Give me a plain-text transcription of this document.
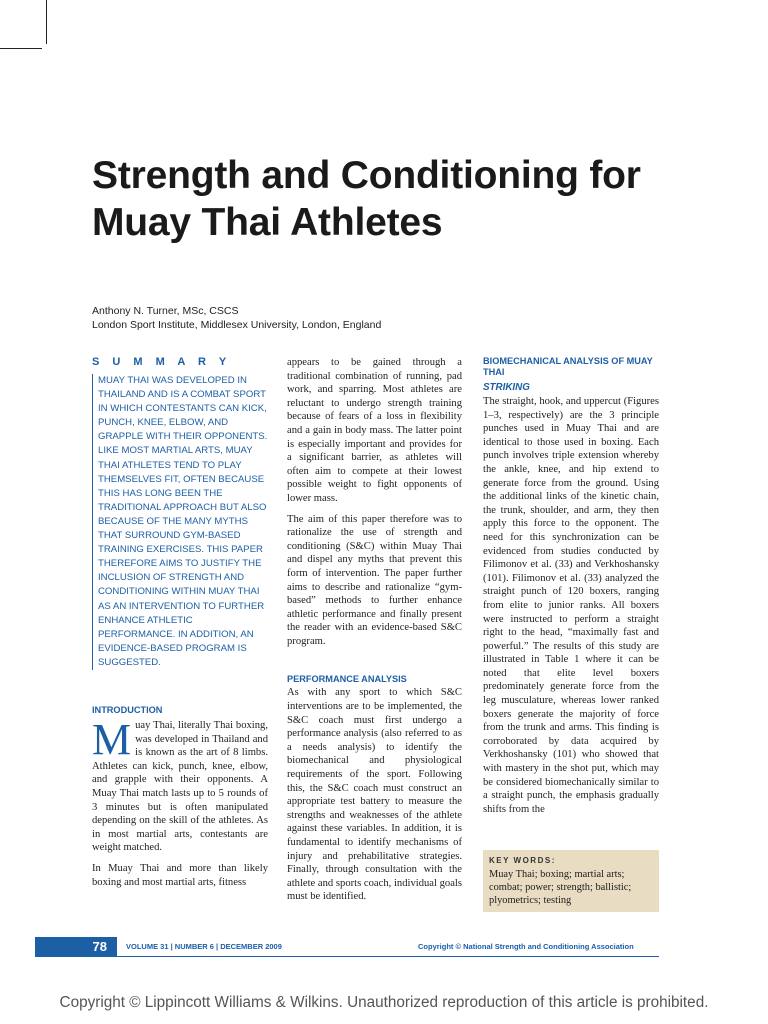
Strength and Conditioning for Muay Thai Athletes
Anthony N. Turner, MSc, CSCS
London Sport Institute, Middlesex University, London, England
S U M M A R Y
MUAY THAI WAS DEVELOPED IN THAILAND AND IS A COMBAT SPORT IN WHICH CONTESTANTS CAN KICK, PUNCH, KNEE, ELBOW, AND GRAPPLE WITH THEIR OPPONENTS. LIKE MOST MARTIAL ARTS, MUAY THAI ATHLETES TEND TO PLAY THEMSELVES FIT, OFTEN BECAUSE THIS HAS LONG BEEN THE TRADITIONAL APPROACH BUT ALSO BECAUSE OF THE MANY MYTHS THAT SURROUND GYM-BASED TRAINING EXERCISES. THIS PAPER THEREFORE AIMS TO JUSTIFY THE INCLUSION OF STRENGTH AND CONDITIONING WITHIN MUAY THAI AS AN INTERVENTION TO FURTHER ENHANCE ATHLETIC PERFORMANCE. IN ADDITION, AN EVIDENCE-BASED PROGRAM IS SUGGESTED.
INTRODUCTION

Muay Thai, literally Thai boxing, was developed in Thailand and is known as the art of 8 limbs. Athletes can kick, punch, knee, elbow, and grapple with their opponents. A Muay Thai match lasts up to 5 rounds of 3 minutes but is often manipulated depending on the skill of the athletes. As in most martial arts, contestants are weight matched.

In Muay Thai and more than likely boxing and most martial arts, fitness

appears to be gained through a traditional combination of running, pad work, and sparring. Most athletes are reluctant to undergo strength training because of fears of a loss in flexibility and a gain in body mass. The latter point is especially important and provides for a significant barrier, as athletes will often aim to compete at their lowest possible weight to fight opponents of lower mass.

The aim of this paper therefore was to rationalize the use of strength and conditioning (S&C) within Muay Thai and dispel any myths that prevent this form of intervention. The paper further aims to describe and rationalize “gym-based” methods to further enhance athletic performance and finally present the reader with an evidence-based S&C program.

PERFORMANCE ANALYSIS

As with any sport to which S&C interventions are to be implemented, the S&C coach must first undergo a performance analysis (also referred to as a needs analysis) to identify the biomechanical and physiological requirements of the sport. Following this, the S&C coach must construct an appropriate test battery to measure the strengths and weaknesses of the athlete against these variables. In addition, it is fundamental to identify mechanisms of injury and prehabilitative strategies. Finally, through consultation with the athlete and sports coach, individual goals must be identified.

BIOMECHANICAL ANALYSIS OF MUAY THAI
STRIKING

The straight, hook, and uppercut (Figures 1–3, respectively) are the 3 principle punches used in Muay Thai and are identical to those used in boxing. Each punch involves triple extension whereby the ankle, knee, and hip extend to generate force from the ground. Using the additional links of the kinetic chain, the trunk, shoulder, and arm, they then apply this force to the opponent. The need for this synchronization can be evidenced from studies conducted by Filimonov et al. (33) and Verkhoshansky (101). Filimonov et al. (33) analyzed the straight punch of 120 boxers, ranging from elite to junior ranks. All boxers were instructed to perform a straight right to the head, “maximally fast and powerful.” The results of this study are illustrated in Table 1 where it can be noted that elite level boxers predominately generate force from the leg musculature, whereas lower ranked boxers generate the majority of force from the trunk and arms. This finding is corroborated by data acquired by Verkhoshansky (101) who showed that with mastery in the shot put, which may be considered biomechanically similar to a straight punch, the emphasis gradually shifts from the

KEY WORDS:
Muay Thai; boxing; martial arts; combat; power; strength; ballistic; plyometrics; testing
78	VOLUME 31 | NUMBER 6 | DECEMBER 2009	Copyright © National Strength and Conditioning Association
Copyright © Lippincott Williams & Wilkins. Unauthorized reproduction of this article is prohibited.
